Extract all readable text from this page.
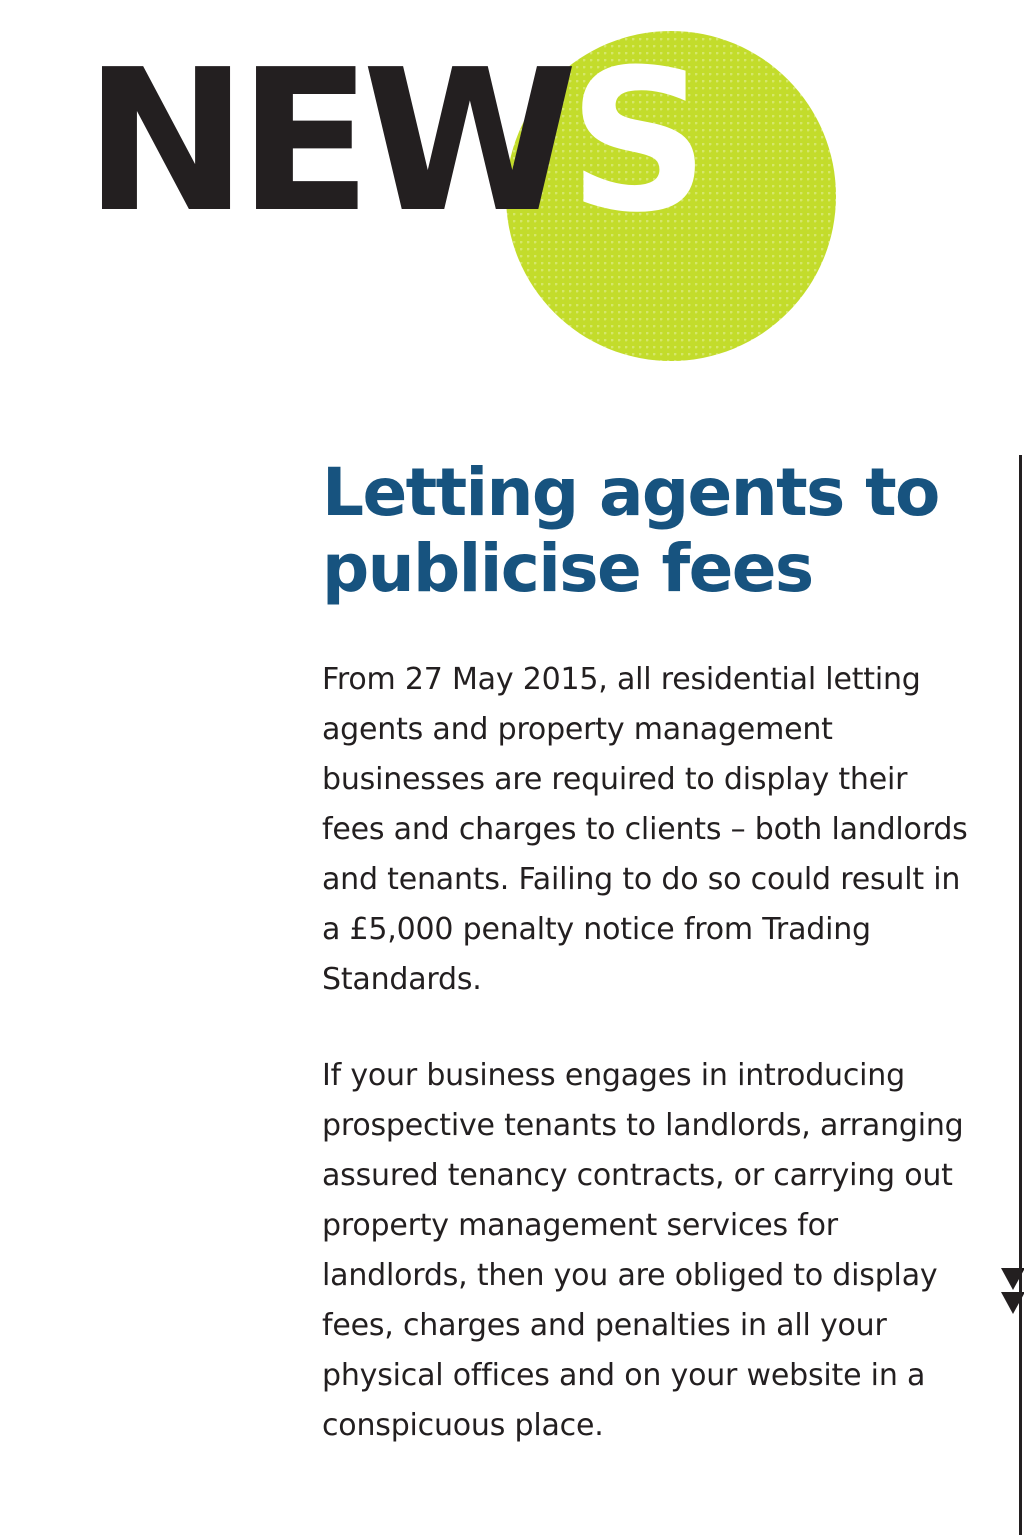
NEWS
Letting agents to publicise fees

From 27 May 2015, all residential letting agents and property management businesses are required to display their fees and charges to clients – both landlords and tenants. Failing to do so could result in a £5,000 penalty notice from Trading Standards.

If your business engages in introducing prospective tenants to landlords, arranging assured tenancy contracts, or carrying out property management services for landlords, then you are obliged to display fees, charges and penalties in all your physical offices and on your website in a conspicuous place.
